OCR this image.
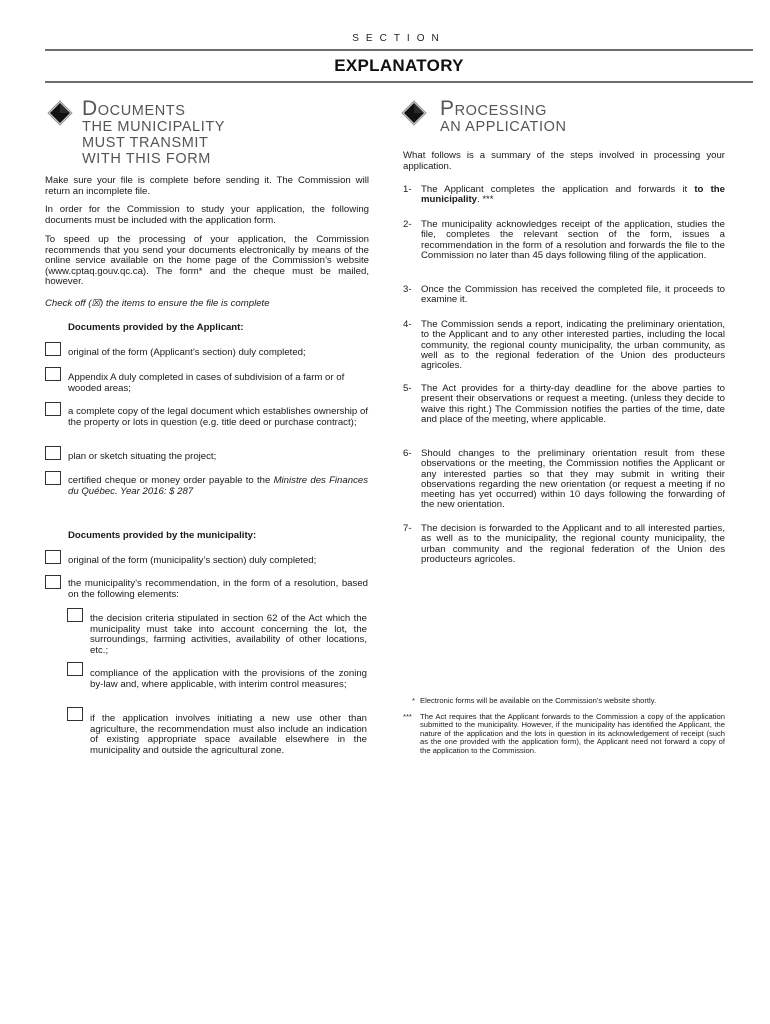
SECTION
EXPLANATORY
DOCUMENTS
THE MUNICIPALITY
MUST TRANSMIT
WITH THIS FORM
Make sure your file is complete before sending it. The Commission will return an incomplete file.
In order for the Commission to study your application, the following documents must be included with the application form.
To speed up the processing of your application, the Commission recommends that you send your documents electronically by means of the online service available on the home page of the Commission’s website (www.cptaq.gouv.qc.ca). The form* and the cheque must be mailed, however.
Check off (☒) the items to ensure the file is complete
Documents provided by the Applicant:
original of the form (Applicant’s section) duly completed;
Appendix A duly completed in cases of subdivision of a farm or of wooded areas;
a complete copy of the legal document which establishes ownership of the property or lots in question (e.g. title deed or purchase contract);
plan or sketch situating the project;
certified cheque or money order payable to the Ministre des Finances du Québec. Year 2016: $ 287
Documents provided by the municipality:
original of the form (municipality’s section) duly completed;
the municipality’s recommendation, in the form of a resolution, based on the following elements:
the decision criteria stipulated in section 62 of the Act which the municipality must take into account concerning the lot, the surroundings, farming activities, availability of other locations, etc.;
compliance of the application with the provisions of the zoning by-law and, where applicable, with interim control measures;
if the application involves initiating a new use other than agriculture, the recommendation must also include an indication of existing appropriate space available elsewhere in the municipality and outside the agricultural zone.
PROCESSING
AN APPLICATION
What follows is a summary of the steps involved in processing your application.
1- The Applicant completes the application and forwards it to the municipality. ***
2- The municipality acknowledges receipt of the application, studies the file, completes the relevant section of the form, issues a recommendation in the form of a resolution and forwards the file to the Commission no later than 45 days following filing of the application.
3- Once the Commission has received the completed file, it proceeds to examine it.
4- The Commission sends a report, indicating the preliminary orientation, to the Applicant and to any other interested parties, including the local community, the regional county municipality, the urban community, as well as to the regional federation of the Union des producteurs agricoles.
5- The Act provides for a thirty-day deadline for the above parties to present their observations or request a meeting. (unless they decide to waive this right.) The Commission notifies the parties of the time, date and place of the meeting, where applicable.
6- Should changes to the preliminary orientation result from these observations or the meeting, the Commission notifies the Applicant or any interested parties so that they may submit in writing their observations regarding the new orientation (or request a meeting if no meeting has yet occurred) within 10 days following the forwarding of the new orientation.
7- The decision is forwarded to the Applicant and to all interested parties, as well as to the municipality, the regional county municipality, the urban community and the regional federation of the Union des producteurs agricoles.
* Electronic forms will be available on the Commission’s website shortly.
*** The Act requires that the Applicant forwards to the Commission a copy of the application submitted to the municipality. However, if the municipality has identified the Applicant, the nature of the application and the lots in question in its acknowledgement of receipt (such as the one provided with the application form), the Applicant need not forward a copy of the application to the Commission.
